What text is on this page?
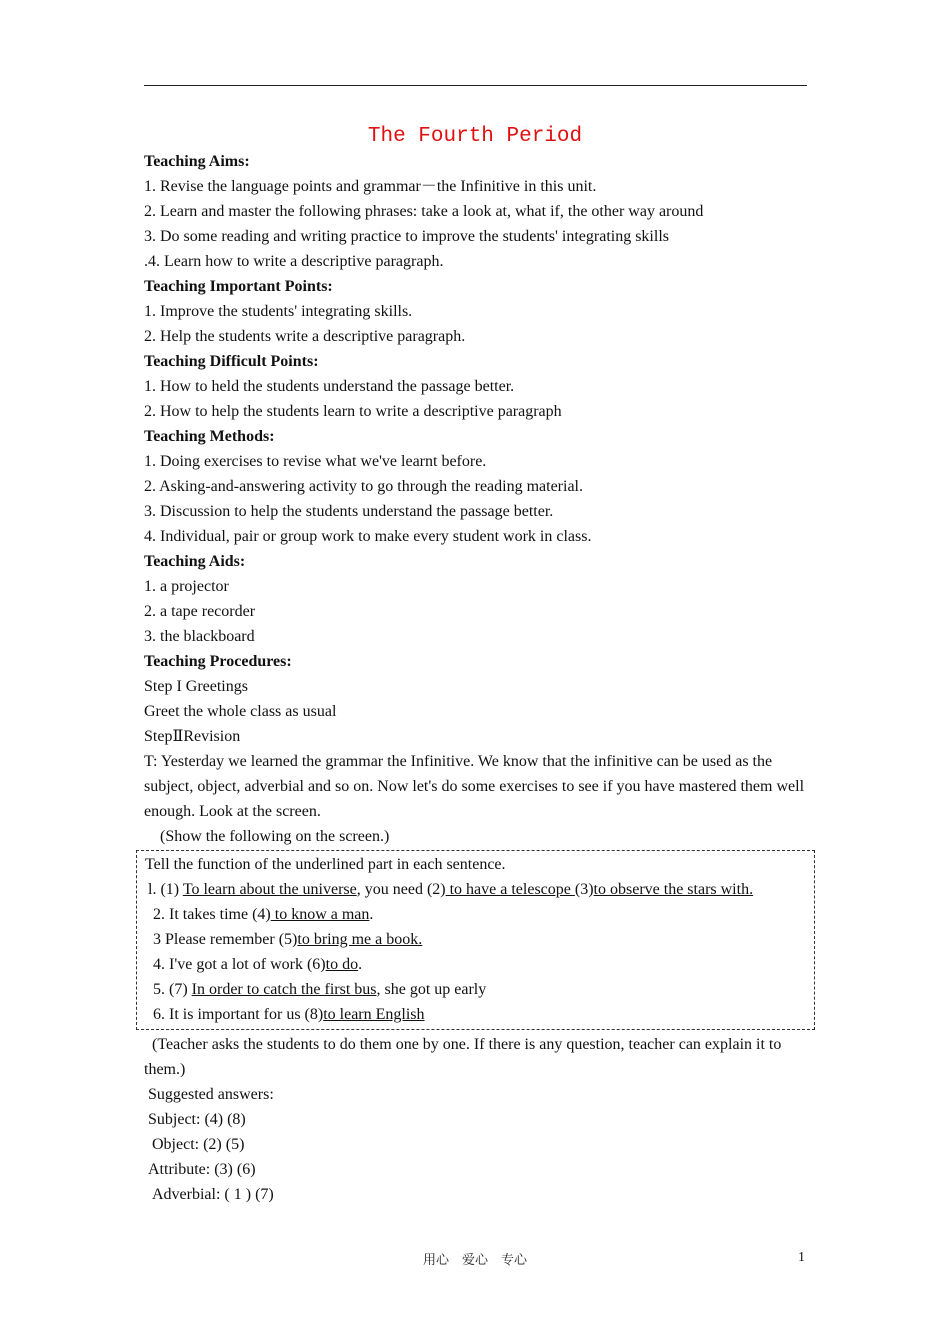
The Fourth Period
Teaching Aims:
1. Revise the language points and grammar－the Infinitive in this unit.
2. Learn and master the following phrases: take a look at, what if, the other way around
3. Do some reading and writing practice to improve the students' integrating skills
.4. Learn how to write a descriptive paragraph.
Teaching Important Points:
1. Improve the students' integrating skills.
2. Help the students write a descriptive paragraph.
Teaching Difficult Points:
1. How to held the students understand the passage better.
2. How to help the students learn to write a descriptive paragraph
Teaching Methods:
1. Doing exercises to revise what we've learnt before.
2. Asking-and-answering activity to go through the reading material.
3. Discussion to help the students understand the passage better.
4. Individual, pair or group work to make every student work in class.
Teaching Aids:
1. a projector
2. a tape recorder
3. the blackboard
Teaching Procedures:
Step I Greetings
Greet the whole class as usual
StepⅡRevision
T: Yesterday we learned the grammar the Infinitive. We know that the infinitive can be used as the subject, object, adverbial and so on. Now let's do some exercises to see if you have mastered them well enough. Look at the screen.
(Show the following on the screen.)
Tell the function of the underlined part in each sentence.
l. (1) To learn about the universe, you need (2) to have a telescope (3)to observe the stars with.
2. It takes time (4) to know a man.
3 Please remember (5)to bring me a book.
4. I've got a lot of work (6)to do.
5. (7) In order to catch the first bus, she got up early
6. It is important for us (8)to learn English
(Teacher asks the students to do them one by one. If there is any question, teacher can explain it to them.)
Suggested answers:
Subject: (4) (8)
Object: (2) (5)
Attribute: (3) (6)
Adverbial: ( 1 ) (7)
用心　爱心　专心	1
